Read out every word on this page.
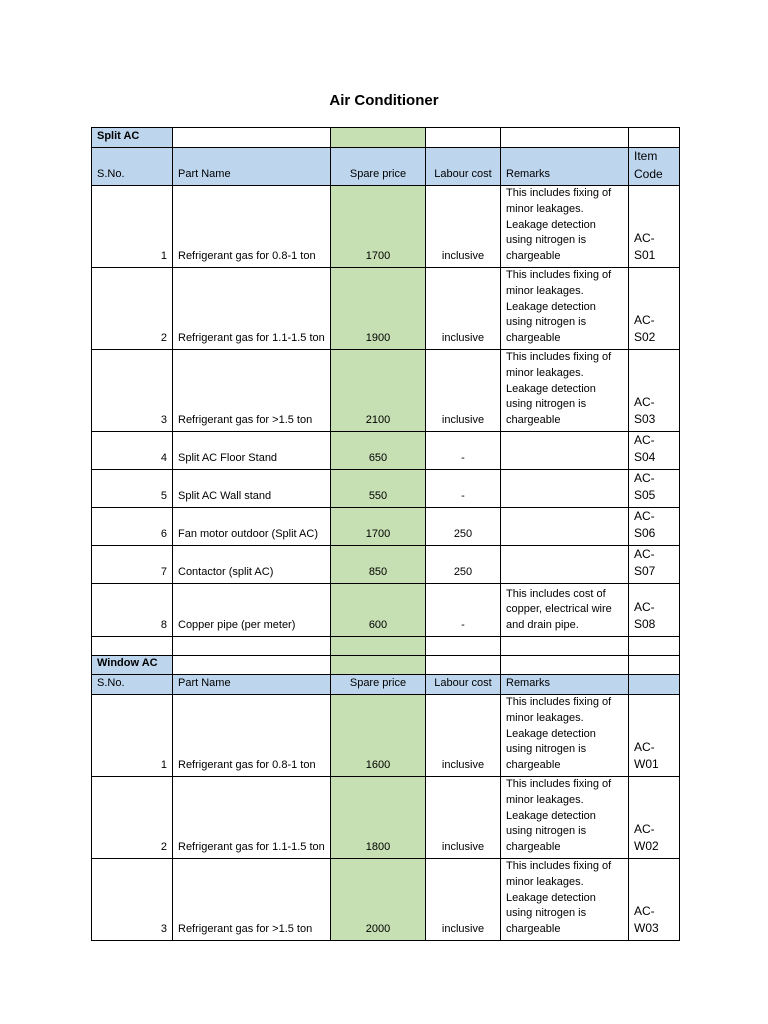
Air Conditioner
Split AC					
S.No.	Part Name	Spare price	Labour cost	Remarks	Item Code
1	Refrigerant gas for 0.8-1 ton	1700	inclusive	This includes fixing of minor leakages. Leakage detection using nitrogen is chargeable	AC-S01
2	Refrigerant gas for 1.1-1.5 ton	1900	inclusive	This includes fixing of minor leakages. Leakage detection using nitrogen is chargeable	AC-S02
3	Refrigerant gas for >1.5 ton	2100	inclusive	This includes fixing of minor leakages. Leakage detection using nitrogen is chargeable	AC-S03
4	Split AC Floor Stand	650	-		AC-S04
5	Split AC Wall stand	550	-		AC-S05
6	Fan motor outdoor (Split AC)	1700	250		AC-S06
7	Contactor (split AC)	850	250		AC-S07
8	Copper pipe (per meter)	600	-	This includes cost of copper, electrical wire and drain pipe.	AC-S08

Window AC					
S.No.	Part Name	Spare price	Labour cost	Remarks	
1	Refrigerant gas for 0.8-1 ton	1600	inclusive	This includes fixing of minor leakages. Leakage detection using nitrogen is chargeable	AC-W01
2	Refrigerant gas for 1.1-1.5 ton	1800	inclusive	This includes fixing of minor leakages. Leakage detection using nitrogen is chargeable	AC-W02
3	Refrigerant gas for >1.5 ton	2000	inclusive	This includes fixing of minor leakages. Leakage detection using nitrogen is chargeable	AC-W03
